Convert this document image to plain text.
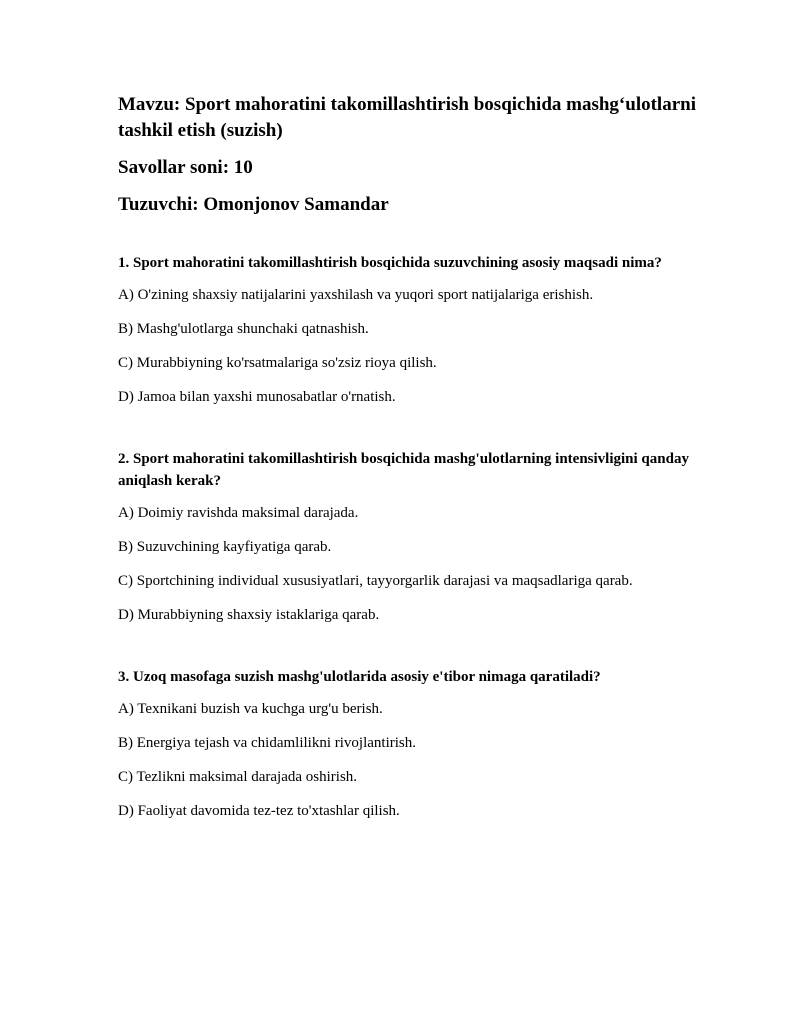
Mavzu: Sport mahoratini takomillashtirish bosqichida mashg‘ulotlarni tashkil etish (suzish)
Savollar soni: 10
Tuzuvchi: Omonjonov Samandar
1. Sport mahoratini takomillashtirish bosqichida suzuvchining asosiy maqsadi nima?
A) O'zining shaxsiy natijalarini yaxshilash va yuqori sport natijalariga erishish.
B) Mashg'ulotlarga shunchaki qatnashish.
C) Murabbiyning ko'rsatmalariga so'zsiz rioya qilish.
D) Jamoa bilan yaxshi munosabatlar o'rnatish.
2. Sport mahoratini takomillashtirish bosqichida mashg'ulotlarning intensivligini qanday aniqlash kerak?
A) Doimiy ravishda maksimal darajada.
B) Suzuvchining kayfiyatiga qarab.
C) Sportchining individual xususiyatlari, tayyorgarlik darajasi va maqsadlariga qarab.
D) Murabbiyning shaxsiy istaklariga qarab.
3. Uzoq masofaga suzish mashg'ulotlarida asosiy e'tibor nimaga qaratiladi?
A) Texnikani buzish va kuchga urg'u berish.
B) Energiya tejash va chidamlilikni rivojlantirish.
C) Tezlikni maksimal darajada oshirish.
D) Faoliyat davomida tez-tez to'xtashlar qilish.
